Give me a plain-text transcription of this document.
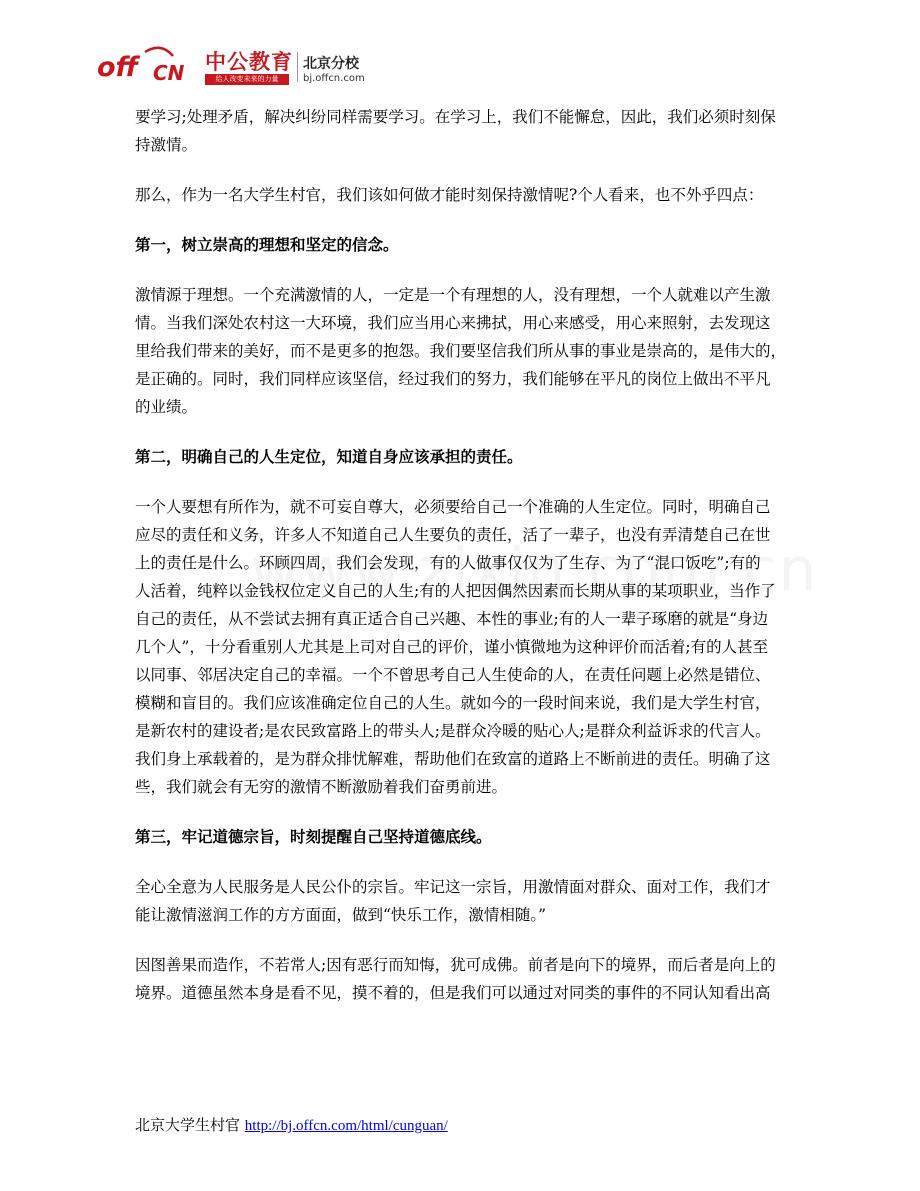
off CN 中公教育
给人改变未来的力量
北京分校
bj.offcn.com

要学习;处理矛盾，解决纠纷同样需要学习。在学习上，我们不能懈怠，因此，我们必须时刻保
持激情。

那么，作为一名大学生村官，我们该如何做才能时刻保持激情呢?个人看来，也不外乎四点：

第一，树立崇高的理想和坚定的信念。

激情源于理想。一个充满激情的人，一定是一个有理想的人，没有理想，一个人就难以产生激
情。当我们深处农村这一大环境，我们应当用心来拂拭，用心来感受，用心来照射，去发现这
里给我们带来的美好，而不是更多的抱怨。我们要坚信我们所从事的事业是崇高的，是伟大的，
是正确的。同时，我们同样应该坚信，经过我们的努力，我们能够在平凡的岗位上做出不平凡
的业绩。

第二，明确自己的人生定位，知道自身应该承担的责任。

一个人要想有所作为，就不可妄自尊大，必须要给自己一个准确的人生定位。同时，明确自己
应尽的责任和义务，许多人不知道自己人生要负的责任，活了一辈子，也没有弄清楚自己在世
上的责任是什么。环顾四周，我们会发现，有的人做事仅仅为了生存、为了“混口饭吃”;有的
人活着，纯粹以金钱权位定义自己的人生;有的人把因偶然因素而长期从事的某项职业，当作了
自己的责任，从不尝试去拥有真正适合自己兴趣、本性的事业;有的人一辈子琢磨的就是“身边
几个人”，十分看重别人尤其是上司对自己的评价，谨小慎微地为这种评价而活着;有的人甚至
以同事、邻居决定自己的幸福。一个不曾思考自己人生使命的人，在责任问题上必然是错位、
模糊和盲目的。我们应该准确定位自己的人生。就如今的一段时间来说，我们是大学生村官，
是新农村的建设者;是农民致富路上的带头人;是群众冷暖的贴心人;是群众利益诉求的代言人。
我们身上承载着的，是为群众排忧解难，帮助他们在致富的道路上不断前进的责任。明确了这
些，我们就会有无穷的激情不断激励着我们奋勇前进。

第三，牢记道德宗旨，时刻提醒自己坚持道德底线。

全心全意为人民服务是人民公仆的宗旨。牢记这一宗旨，用激情面对群众、面对工作，我们才
能让激情滋润工作的方方面面，做到“快乐工作，激情相随。”

因图善果而造作，不若常人;因有恶行而知悔，犹可成佛。前者是向下的境界，而后者是向上的
境界。道德虽然本身是看不见，摸不着的，但是我们可以通过对同类的事件的不同认知看出高

北京大学生村官 http://bj.offcn.com/html/cunguan/
